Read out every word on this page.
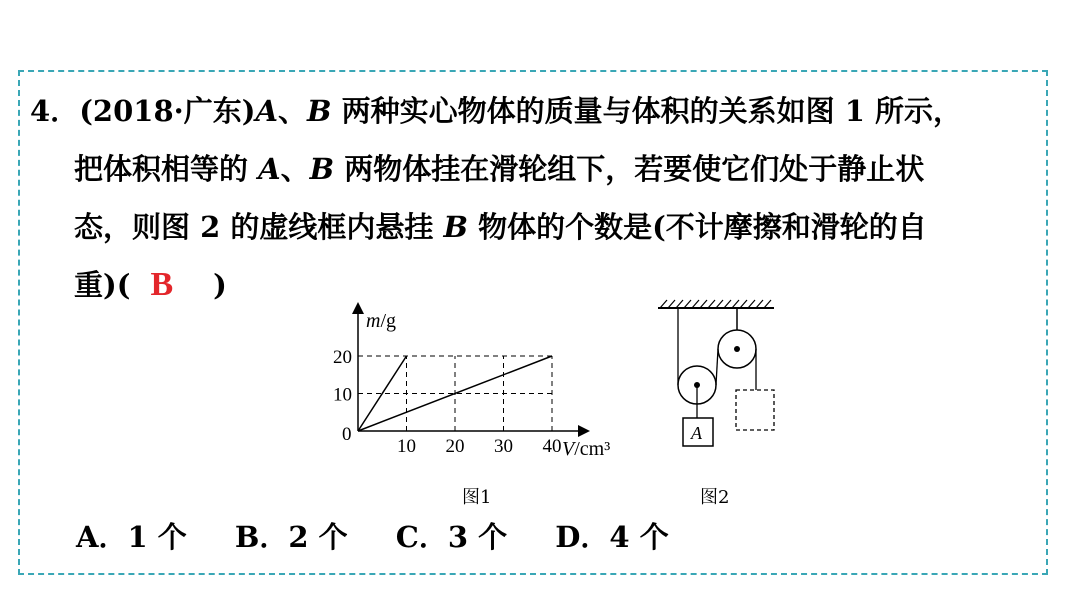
4．(2018·广东)A、B 两种实心物体的质量与体积的关系如图 1 所示，
把体积相等的 A、B 两物体挂在滑轮组下，若要使它们处于静止状
态，则图 2 的虚线框内悬挂 B 物体的个数是(不计摩擦和滑轮的自
重)( B )
0
10 20 30 40
10
20
m/g
V/cm³
图1
A
图2
A．1 个 B．2 个 C．3 个 D．4 个
